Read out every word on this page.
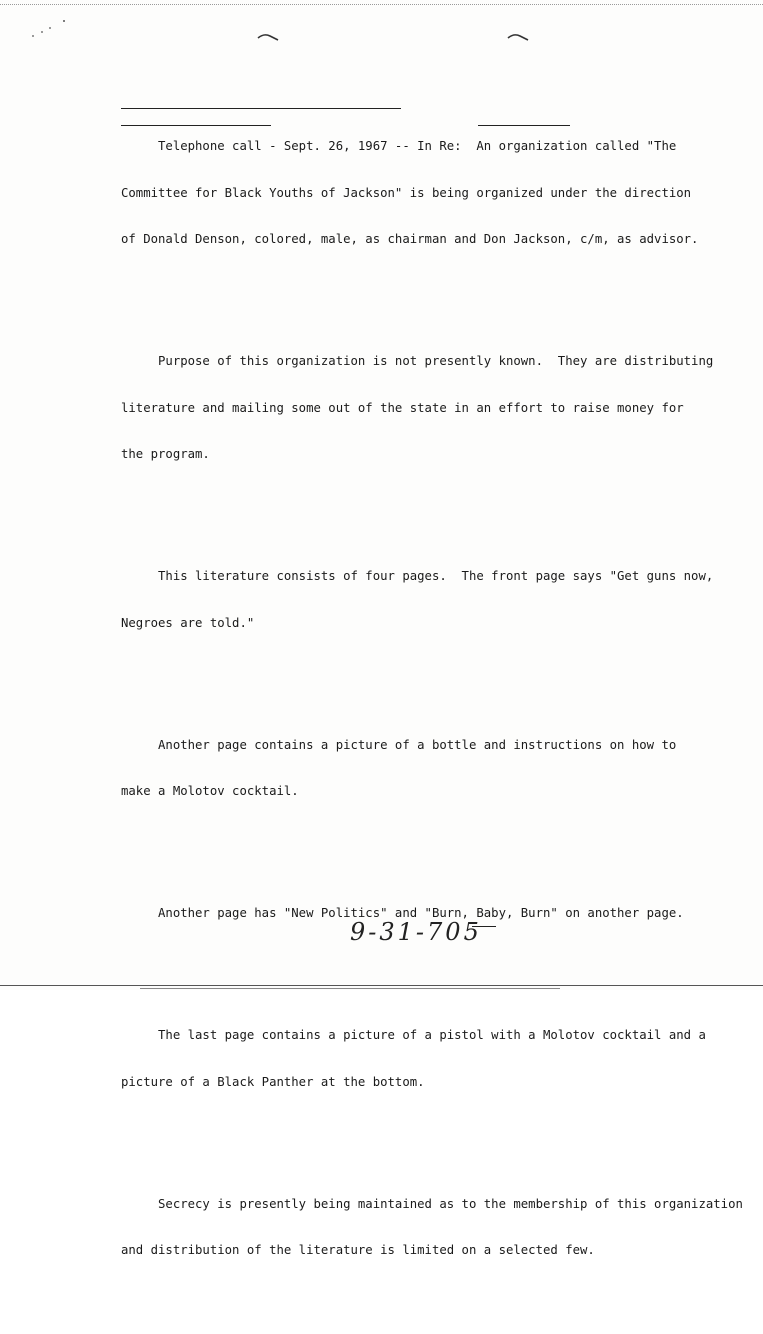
Telephone call - Sept. 26, 1967 -- In Re:  An organization called "The

Committee for Black Youths of Jackson" is being organized under the direction

of Donald Denson, colored, male, as chairman and Don Jackson, c/m, as advisor.

Purpose of this organization is not presently known.  They are distributing

literature and mailing some out of the state in an effort to raise money for

the program.

This literature consists of four pages.  The front page says "Get guns now,

Negroes are told."

Another page contains a picture of a bottle and instructions on how to

make a Molotov cocktail.

Another page has "New Politics" and "Burn, Baby, Burn" on another page.

The last page contains a picture of a pistol with a Molotov cocktail and a

picture of a Black Panther at the bottom.

Secrecy is presently being maintained as to the membership of this organization

and distribution of the literature is limited on a selected few.

9-31-705
